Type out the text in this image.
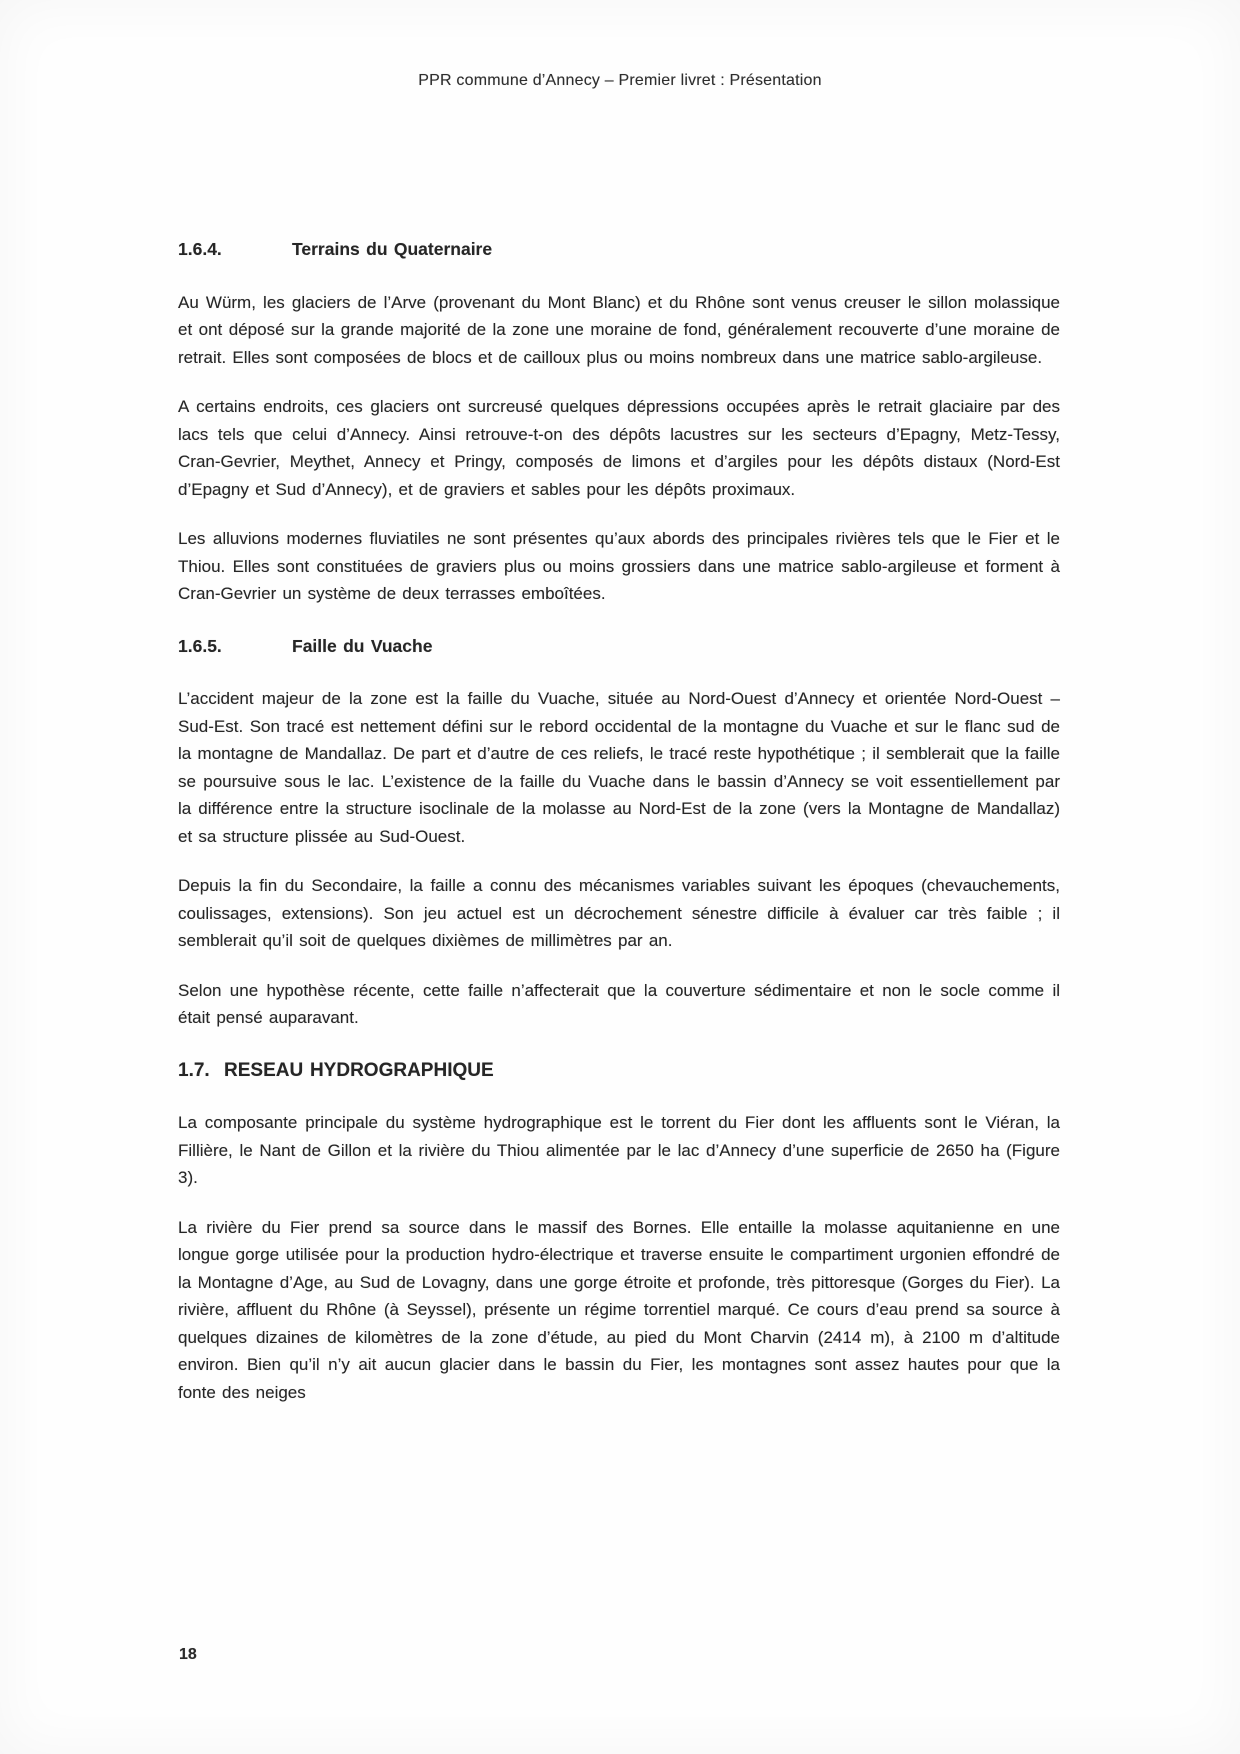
PPR commune d’Annecy – Premier livret : Présentation
1.6.4.	Terrains du Quaternaire

Au Würm, les glaciers de l’Arve (provenant du Mont Blanc) et du Rhône sont venus creuser le sillon molassique et ont déposé sur la grande majorité de la zone une moraine de fond, généralement recouverte d’une moraine de retrait. Elles sont composées de blocs et de cailloux plus ou moins nombreux dans une matrice sablo-argileuse.

A certains endroits, ces glaciers ont surcreusé quelques dépressions occupées après le retrait glaciaire par des lacs tels que celui d’Annecy. Ainsi retrouve-t-on des dépôts lacustres sur les secteurs d’Epagny, Metz-Tessy, Cran-Gevrier, Meythet, Annecy et Pringy, composés de limons et d’argiles pour les dépôts distaux (Nord-Est d’Epagny et Sud d’Annecy), et de graviers et sables pour les dépôts proximaux.

Les alluvions modernes fluviatiles ne sont présentes qu’aux abords des principales rivières tels que le Fier et le Thiou. Elles sont constituées de graviers plus ou moins grossiers dans une matrice sablo-argileuse et forment à Cran-Gevrier un système de deux terrasses emboîtées.

1.6.5.	Faille du Vuache

L’accident majeur de la zone est la faille du Vuache, située au Nord-Ouest d’Annecy et orientée Nord-Ouest – Sud-Est. Son tracé est nettement défini sur le rebord occidental de la montagne du Vuache et sur le flanc sud de la montagne de Mandallaz. De part et d’autre de ces reliefs, le tracé reste hypothétique ; il semblerait que la faille se poursuive sous le lac. L’existence de la faille du Vuache dans le bassin d’Annecy se voit essentiellement par la différence entre la structure isoclinale de la molasse au Nord-Est de la zone (vers la Montagne de Mandallaz) et sa structure plissée au Sud-Ouest.

Depuis la fin du Secondaire, la faille a connu des mécanismes variables suivant les époques (chevauchements, coulissages, extensions). Son jeu actuel est un décrochement sénestre difficile à évaluer car très faible ; il semblerait qu’il soit de quelques dixièmes de millimètres par an.

Selon une hypothèse récente, cette faille n’affecterait que la couverture sédimentaire et non le socle comme il était pensé auparavant.

1.7. RESEAU HYDROGRAPHIQUE

La composante principale du système hydrographique est le torrent du Fier dont les affluents sont le Viéran, la Fillière, le Nant de Gillon et la rivière du Thiou alimentée par le lac d’Annecy d’une superficie de 2650 ha (Figure 3).

La rivière du Fier prend sa source dans le massif des Bornes. Elle entaille la molasse aquitanienne en une longue gorge utilisée pour la production hydro-électrique et traverse ensuite le compartiment urgonien effondré de la Montagne d’Age, au Sud de Lovagny, dans une gorge étroite et profonde, très pittoresque (Gorges du Fier). La rivière, affluent du Rhône (à Seyssel), présente un régime torrentiel marqué. Ce cours d’eau prend sa source à quelques dizaines de kilomètres de la zone d’étude, au pied du Mont Charvin (2414 m), à 2100 m d’altitude environ. Bien qu’il n’y ait aucun glacier dans le bassin du Fier, les montagnes sont assez hautes pour que la fonte des neiges

18
